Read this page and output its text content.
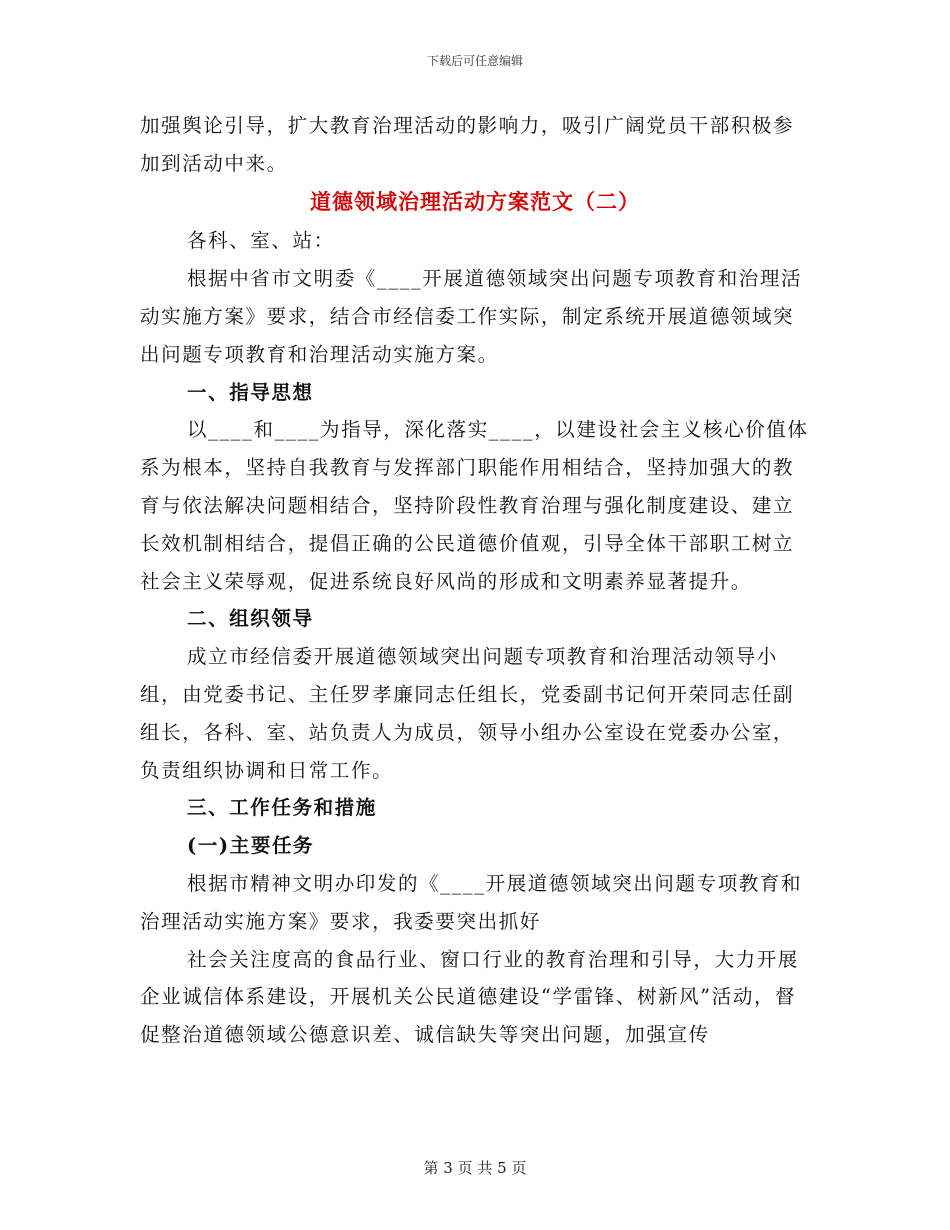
下载后可任意编辑

加强舆论引导，扩大教育治理活动的影响力，吸引广阔党员干部积极参加到活动中来。

道德领域治理活动方案范文（二）

各科、室、站：

根据中省市文明委《____开展道德领域突出问题专项教育和治理活动实施方案》要求，结合市经信委工作实际，制定系统开展道德领域突出问题专项教育和治理活动实施方案。

一、指导思想

以____和____为指导，深化落实____，以建设社会主义核心价值体系为根本，坚持自我教育与发挥部门职能作用相结合，坚持加强大的教育与依法解决问题相结合，坚持阶段性教育治理与强化制度建设、建立长效机制相结合，提倡正确的公民道德价值观，引导全体干部职工树立社会主义荣辱观，促进系统良好风尚的形成和文明素养显著提升。

二、组织领导

成立市经信委开展道德领域突出问题专项教育和治理活动领导小组，由党委书记、主任罗孝廉同志任组长，党委副书记何开荣同志任副组长，各科、室、站负责人为成员，领导小组办公室设在党委办公室，负责组织协调和日常工作。

三、工作任务和措施

(一)主要任务

根据市精神文明办印发的《____开展道德领域突出问题专项教育和治理活动实施方案》要求，我委要突出抓好

社会关注度高的食品行业、窗口行业的教育治理和引导，大力开展企业诚信体系建设，开展机关公民道德建设“学雷锋、树新风”活动，督促整治道德领域公德意识差、诚信缺失等突出问题，加强宣传

第 3 页 共 5 页
